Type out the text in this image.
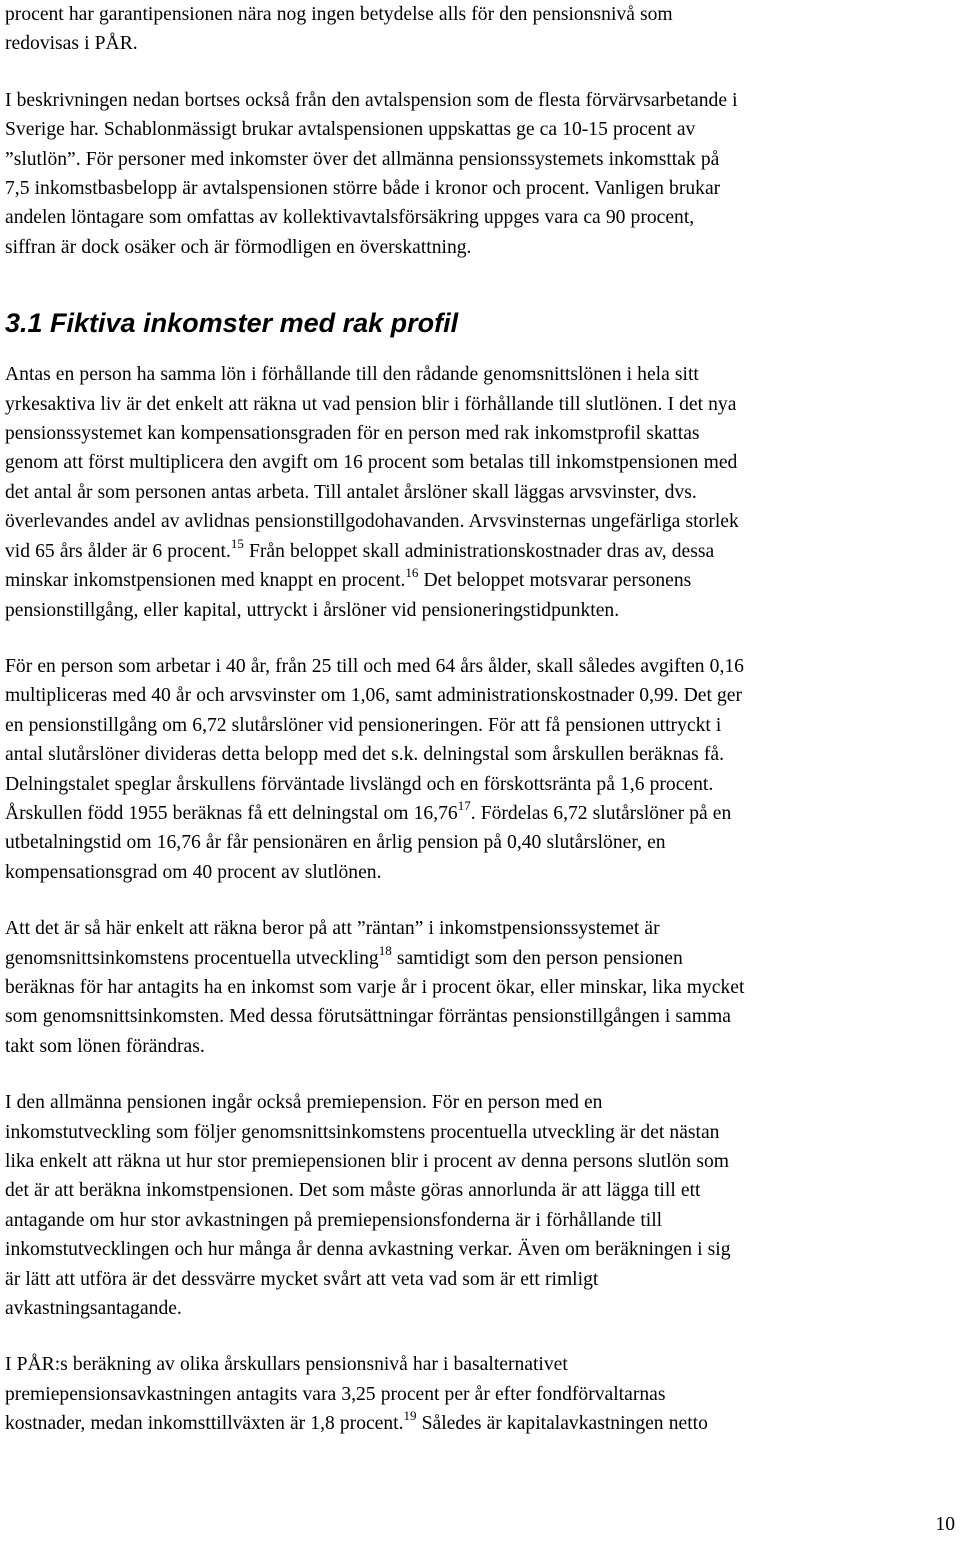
procent har garantipensionen nära nog ingen betydelse alls för den pensionsnivå som
redovisas i PÅR.

I beskrivningen nedan bortses också från den avtalspension som de flesta förvärvsarbetande i
Sverige har. Schablonmässigt brukar avtalspensionen uppskattas ge ca 10-15 procent av
”slutlön”. För personer med inkomster över det allmänna pensionssystemets inkomsttak på
7,5 inkomstbasbelopp är avtalspensionen större både i kronor och procent. Vanligen brukar
andelen löntagare som omfattas av kollektivavtalsförsäkring uppges vara ca 90 procent,
siffran är dock osäker och är förmodligen en överskattning.

3.1 Fiktiva inkomster med rak profil

Antas en person ha samma lön i förhållande till den rådande genomsnittslönen i hela sitt
yrkesaktiva liv är det enkelt att räkna ut vad pension blir i förhållande till slutlönen. I det nya
pensionssystemet kan kompensationsgraden för en person med rak inkomstprofil skattas
genom att först multiplicera den avgift om 16 procent som betalas till inkomstpensionen med
det antal år som personen antas arbeta. Till antalet årslöner skall läggas arvsvinster, dvs.
överlevandes andel av avlidnas pensionstillgodohavanden. Arvsvinsternas ungefärliga storlek
vid 65 års ålder är 6 procent.$^{15}$ Från beloppet skall administrationskostnader dras av, dessa
minskar inkomstpensionen med knappt en procent.$^{16}$ Det beloppet motsvarar personens
pensionstillgång, eller kapital, uttryckt i årslöner vid pensioneringstidpunkten.

För en person som arbetar i 40 år, från 25 till och med 64 års ålder, skall således avgiften 0,16
multipliceras med 40 år och arvsvinster om 1,06, samt administrationskostnader 0,99. Det ger
en pensionstillgång om 6,72 slutårslöner vid pensioneringen. För att få pensionen uttryckt i
antal slutårslöner divideras detta belopp med det s.k. delningstal som årskullen beräknas få.
Delningstalet speglar årskullens förväntade livslängd och en förskottsränta på 1,6 procent.
Årskullen född 1955 beräknas få ett delningstal om 16,76$^{17}$. Fördelas 6,72 slutårslöner på en
utbetalningstid om 16,76 år får pensionären en årlig pension på 0,40 slutårslöner, en
kompensationsgrad om 40 procent av slutlönen.

Att det är så här enkelt att räkna beror på att ”räntan” i inkomstpensionssystemet är
genomsnittsinkomstens procentuella utveckling$^{18}$ samtidigt som den person pensionen
beräknas för har antagits ha en inkomst som varje år i procent ökar, eller minskar, lika mycket
som genomsnittsinkomsten. Med dessa förutsättningar förräntas pensionstillgången i samma
takt som lönen förändras.

I den allmänna pensionen ingår också premiepension. För en person med en
inkomstutveckling som följer genomsnittsinkomstens procentuella utveckling är det nästan
lika enkelt att räkna ut hur stor premiepensionen blir i procent av denna persons slutlön som
det är att beräkna inkomstpensionen. Det som måste göras annorlunda är att lägga till ett
antagande om hur stor avkastningen på premiepensionsfonderna är i förhållande till
inkomstutvecklingen och hur många år denna avkastning verkar. Även om beräkningen i sig
är lätt att utföra är det dessvärre mycket svårt att veta vad som är ett rimligt
avkastningsantagande.

I PÅR:s beräkning av olika årskullars pensionsnivå har i basalternativet
premiepensionsavkastningen antagits vara 3,25 procent per år efter fondförvaltarnas
kostnader, medan inkomsttillväxten är 1,8 procent.$^{19}$ Således är kapitalavkastningen netto

10
